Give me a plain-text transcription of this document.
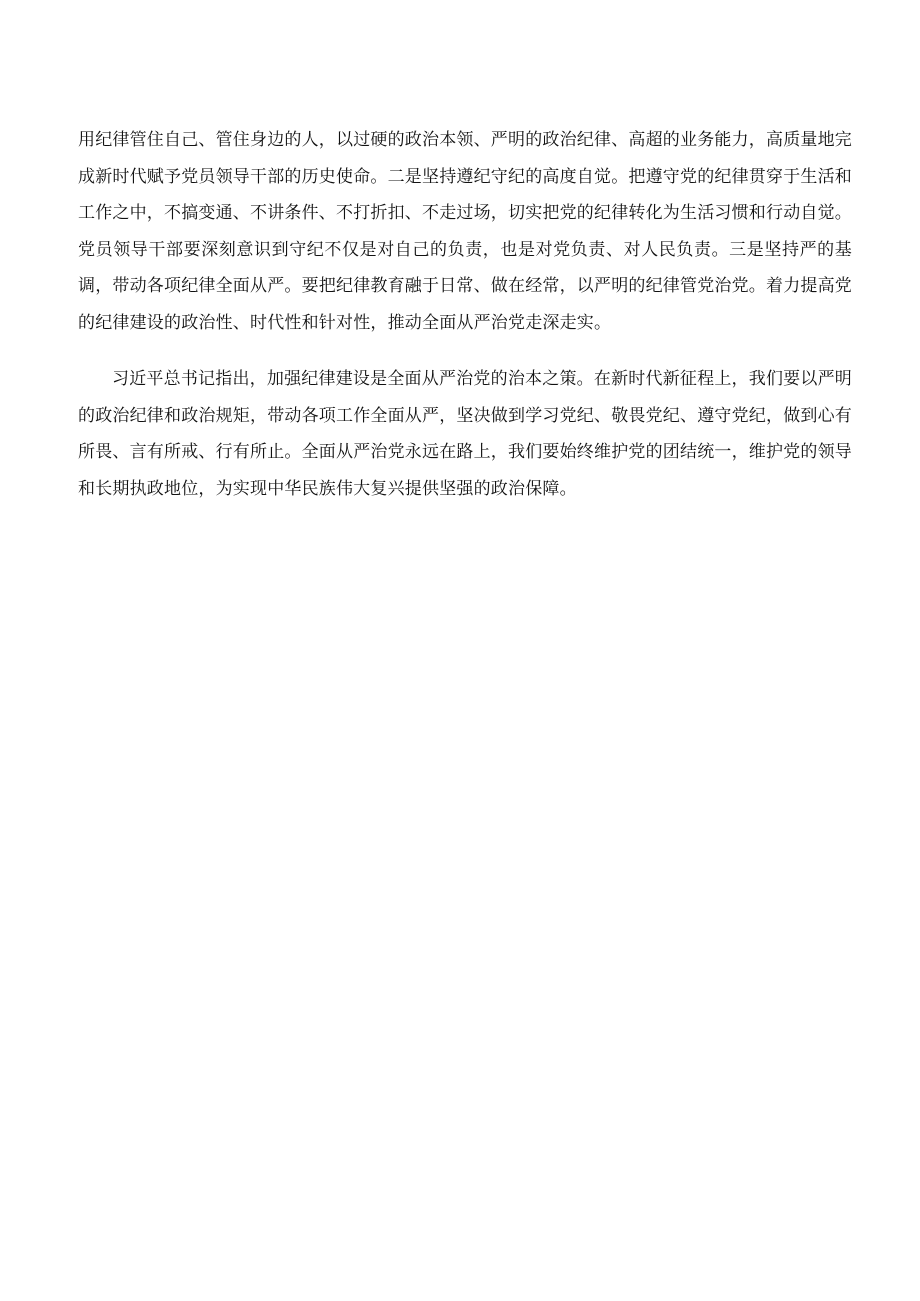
用纪律管住自己、管住身边的人，以过硬的政治本领、严明的政治纪律、高超的业务能力，高质量地完成新时代赋予党员领导干部的历史使命。二是坚持遵纪守纪的高度自觉。把遵守党的纪律贯穿于生活和工作之中，不搞变通、不讲条件、不打折扣、不走过场，切实把党的纪律转化为生活习惯和行动自觉。党员领导干部要深刻意识到守纪不仅是对自己的负责，也是对党负责、对人民负责。三是坚持严的基调，带动各项纪律全面从严。要把纪律教育融于日常、做在经常，以严明的纪律管党治党。着力提高党的纪律建设的政治性、时代性和针对性，推动全面从严治党走深走实。

习近平总书记指出，加强纪律建设是全面从严治党的治本之策。在新时代新征程上，我们要以严明的政治纪律和政治规矩，带动各项工作全面从严，坚决做到学习党纪、敬畏党纪、遵守党纪，做到心有所畏、言有所戒、行有所止。全面从严治党永远在路上，我们要始终维护党的团结统一，维护党的领导和长期执政地位，为实现中华民族伟大复兴提供坚强的政治保障。
